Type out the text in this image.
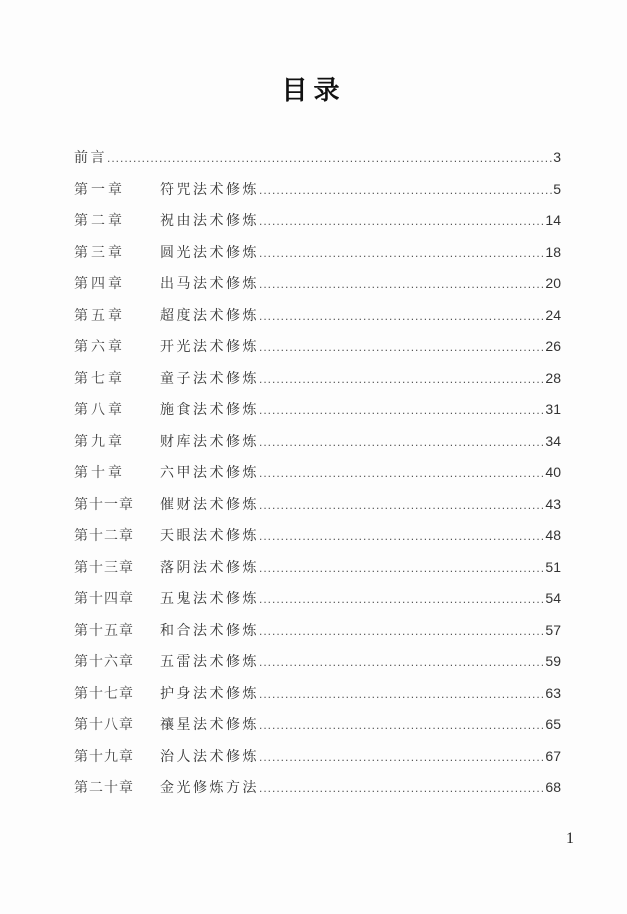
目录
前言 .....	3
第一章	符咒法术修炼 .....	5
第二章	祝由法术修炼 .....	14
第三章	圆光法术修炼 .....	18
第四章	出马法术修炼 .....	20
第五章	超度法术修炼 .....	24
第六章	开光法术修炼 .....	26
第七章	童子法术修炼 .....	28
第八章	施食法术修炼 .....	31
第九章	财库法术修炼 .....	34
第十章	六甲法术修炼 .....	40
第十一章	催财法术修炼 .....	43
第十二章	天眼法术修炼 .....	48
第十三章	落阴法术修炼 .....	51
第十四章	五鬼法术修炼 .....	54
第十五章	和合法术修炼 .....	57
第十六章	五雷法术修炼 .....	59
第十七章	护身法术修炼 .....	63
第十八章	禳星法术修炼 .....	65
第十九章	治人法术修炼 .....	67
第二十章	金光修炼方法 .....	68
1
